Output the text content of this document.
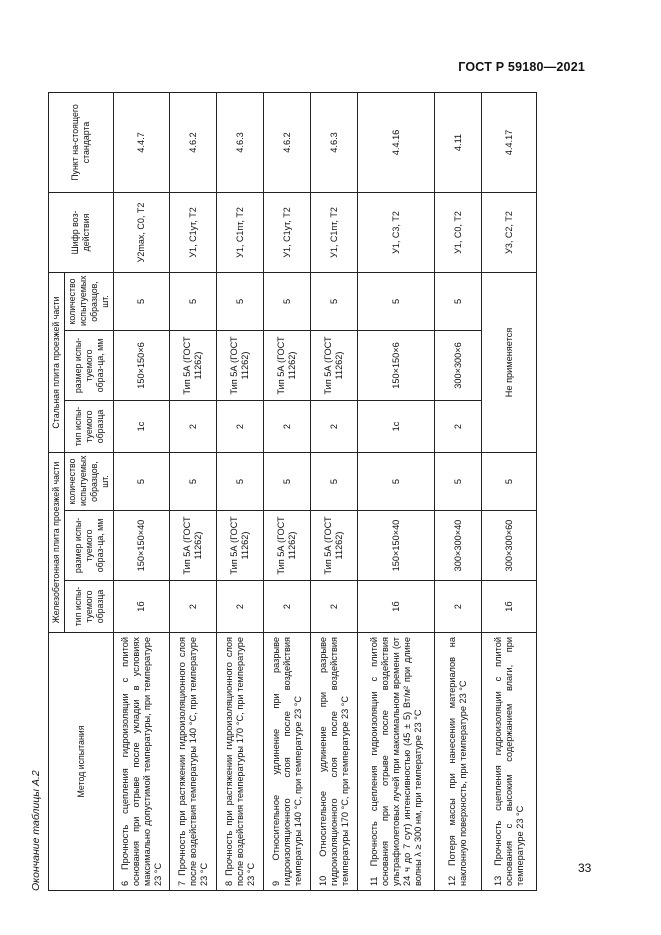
ГОСТ Р 59180—2021
33
Окончание таблицы А.2
Метод испытания	Железобетонная плита проезжей части			Стальная плита проезжей части			Шифр воз-действия	Пункт на-стоящего стандарта
	тип испы-туемого образца	размер испы-туемого образ-ца, мм	количество испытуемых образцов, шт.	тип испы-туемого образца	размер испы-туемого образ-ца, мм	количество испытуемых образцов, шт.		
6 Прочность сцепления гидроизоляции с плитой основания при отрыве после укладки в условиях максимально допустимой температуры, при температуре 23 °С	1б	150×150×40	5	1с	150×150×6	5	У2max, С0, Т2	4.4.7
7 Прочность при растяжении гидроизоляционного слоя после воздействия температуры 140 °С, при температуре 23 °С	2	Тип 5А (ГОСТ 11262)	5	2	Тип 5А (ГОСТ 11262)	5	У1, С1ут, Т2	4.6.2
8 Прочность при растяжении гидроизоляционного слоя после воздействия температуры 170 °С, при температуре 23 °С	2	Тип 5А (ГОСТ 11262)	5	2	Тип 5А (ГОСТ 11262)	5	У1, С1пт, Т2	4.6.3
9 Относительное удлинение при разрыве гидроизоляционного слоя после воздействия температуры 140 °С, при температуре 23 °С	2	Тип 5А (ГОСТ 11262)	5	2	Тип 5А (ГОСТ 11262)	5	У1, С1ут, Т2	4.6.2
10 Относительное удлинение при разрыве гидроизоляционного слоя после воздействия температуры 170 °С, при температуре 23 °С	2	Тип 5А (ГОСТ 11262)	5	2	Тип 5А (ГОСТ 11262)	5	У1, С1пт, Т2	4.6.3
11 Прочность сцепления гидроизоляции с плитой основания при отрыве после воздействия ультрафиолетовых лучей при максимальном времени (от 24 ч до 7 сут) интенсивностью (45 ± 5) Вт/м² при длине волны λ ≥ 300 нм, при температуре 23 °С	1б	150×150×40	5	1с	150×150×6	5	У1, С3, Т2	4.4.16
12 Потеря массы при нанесении материалов на наклонную поверхность, при температуре 23 °С	2	300×300×40	5	2	300×300×6	5	У1, С0, Т2	4.11
13 Прочность сцепления гидроизоляции с плитой основания с высоким содержанием влаги, при температуре 23 °С	1б	300×300×60	5	Не применяется			У3, С2, Т2	4.4.17
